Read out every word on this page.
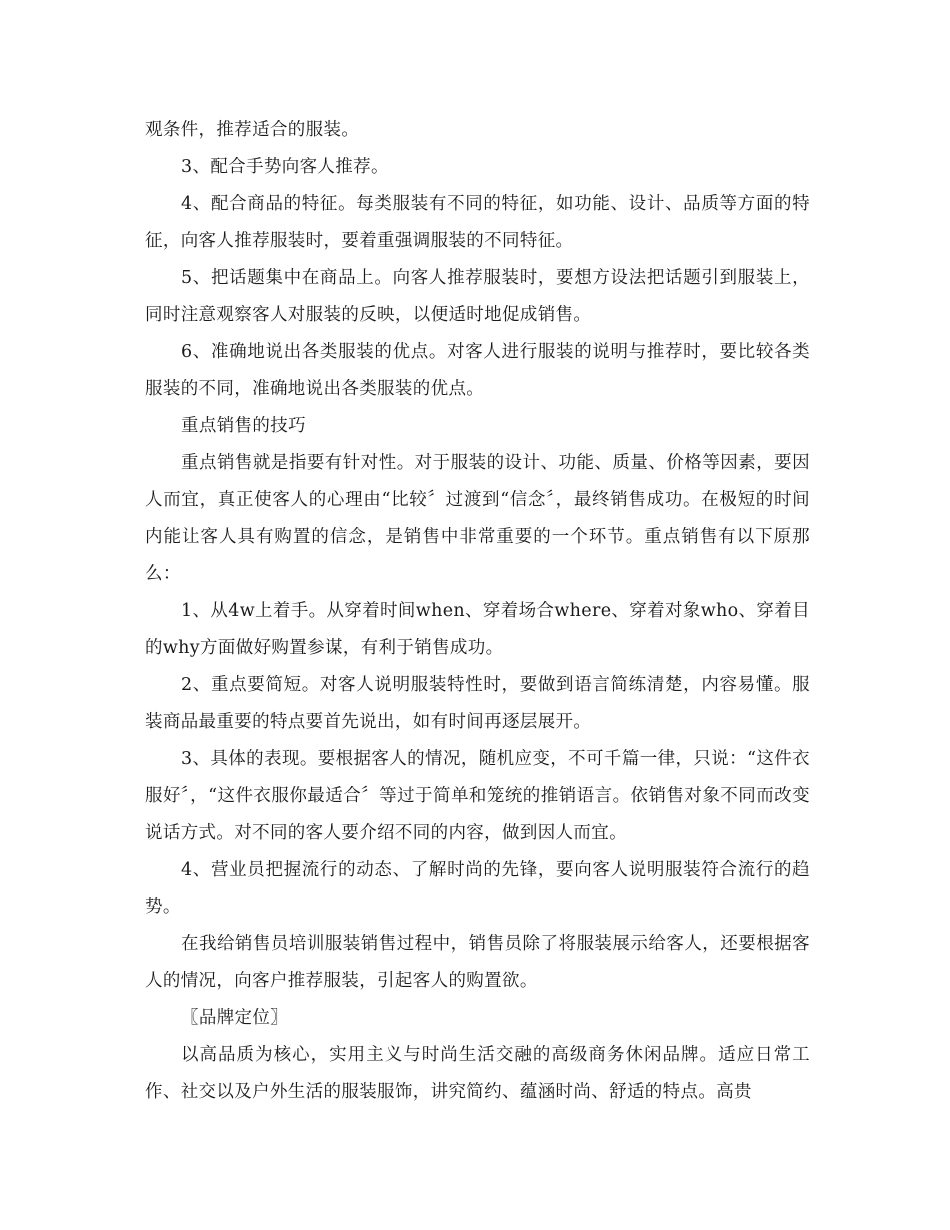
观条件，推荐适合的服装。

3、配合手势向客人推荐。

4、配合商品的特征。每类服装有不同的特征，如功能、设计、品质等方面的特征，向客人推荐服装时，要着重强调服装的不同特征。

5、把话题集中在商品上。向客人推荐服装时，要想方设法把话题引到服装上，同时注意观察客人对服装的反映，以便适时地促成销售。

6、准确地说出各类服装的优点。对客人进行服装的说明与推荐时，要比较各类服装的不同，准确地说出各类服装的优点。

重点销售的技巧

重点销售就是指要有针对性。对于服装的设计、功能、质量、价格等因素，要因人而宜，真正使客人的心理由“比较〞过渡到“信念〞，最终销售成功。在极短的时间内能让客人具有购置的信念，是销售中非常重要的一个环节。重点销售有以下原那么：

1、从4w上着手。从穿着时间when、穿着场合where、穿着对象who、穿着目的why方面做好购置参谋，有利于销售成功。

2、重点要简短。对客人说明服装特性时，要做到语言简练清楚，内容易懂。服装商品最重要的特点要首先说出，如有时间再逐层展开。

3、具体的表现。要根据客人的情况，随机应变，不可千篇一律，只说：“这件衣服好〞，“这件衣服你最适合〞等过于简单和笼统的推销语言。依销售对象不同而改变说话方式。对不同的客人要介绍不同的内容，做到因人而宜。

4、营业员把握流行的动态、了解时尚的先锋，要向客人说明服装符合流行的趋势。

在我给销售员培训服装销售过程中，销售员除了将服装展示给客人，还要根据客人的情况，向客户推荐服装，引起客人的购置欲。

〖品牌定位〗

以高品质为核心，实用主义与时尚生活交融的高级商务休闲品牌。适应日常工作、社交以及户外生活的服装服饰，讲究简约、蕴涵时尚、舒适的特点。高贵
